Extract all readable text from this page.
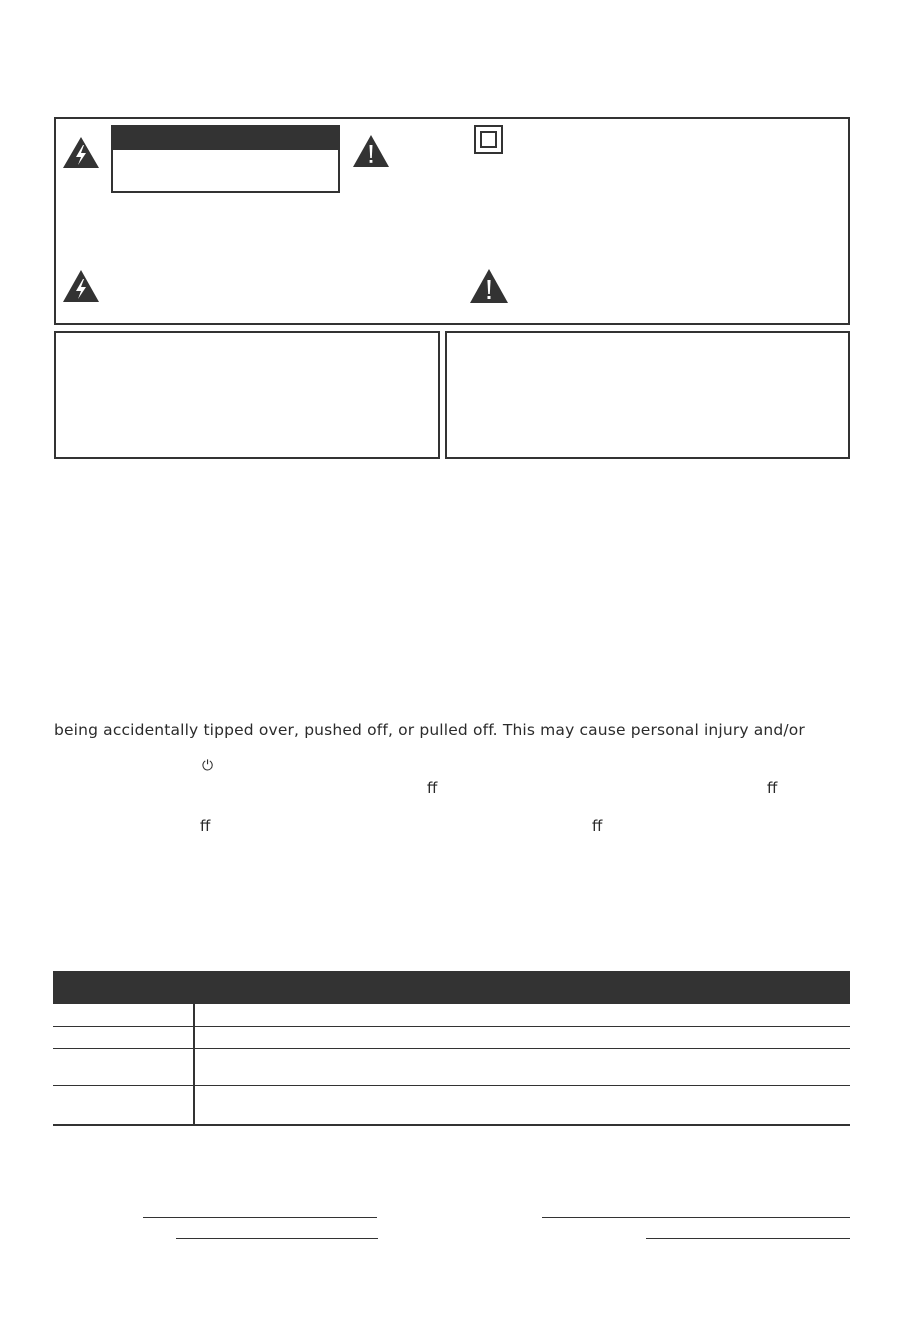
being accidentally tipped over, pushed off, or pulled off. This may cause personal injury and/or
⏻
ff	ff
ff	ff
